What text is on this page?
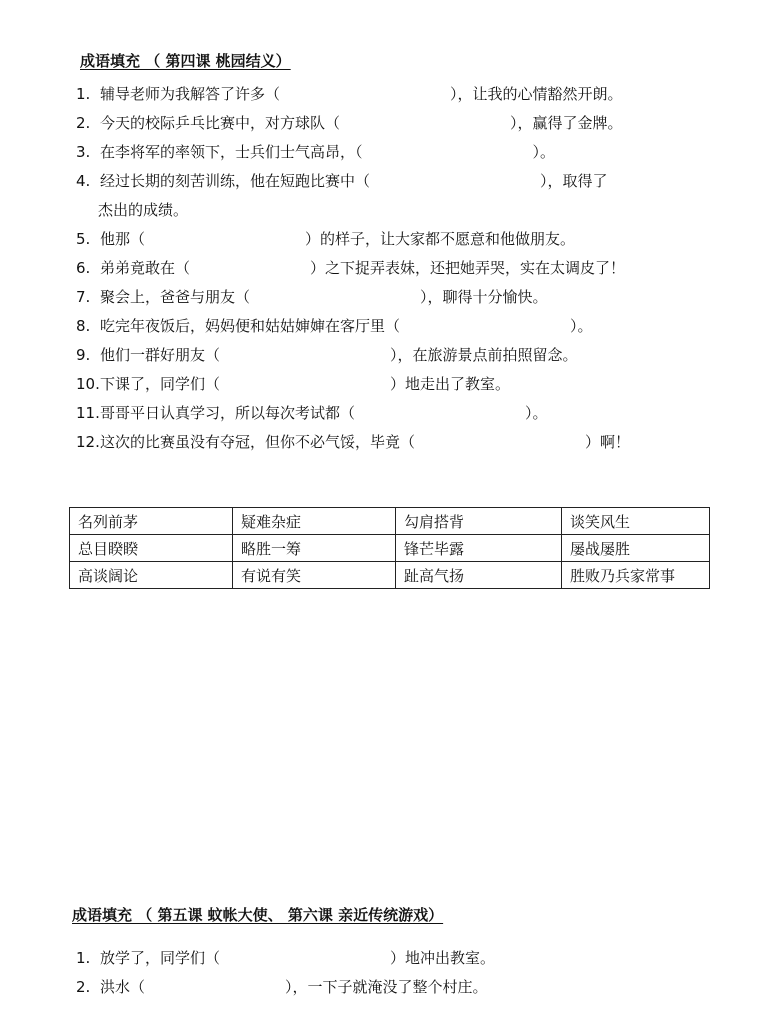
成语填充 （ 第四课 桃园结义）
1. 辅导老师为我解答了许多（	），让我的心情豁然开朗。
2. 今天的校际乒乓比赛中，对方球队（	），赢得了金牌。
3. 在李将军的率领下，士兵们士气高昂，（	）。
4. 经过长期的刻苦训练，他在短跑比赛中（	），取得了
杰出的成绩。
5. 他那（	）的样子，让大家都不愿意和他做朋友。
6. 弟弟竟敢在（	）之下捉弄表妹，还把她弄哭，实在太调皮了！
7. 聚会上，爸爸与朋友（	），聊得十分愉快。
8. 吃完年夜饭后，妈妈便和姑姑婶婶在客厅里（	）。
9. 他们一群好朋友（	），在旅游景点前拍照留念。
10.下课了，同学们（	）地走出了教室。
11.哥哥平日认真学习，所以每次考试都（	）。
12.这次的比赛虽没有夺冠，但你不必气馁，毕竟（	）啊！
名列前茅	疑难杂症	勾肩搭背	谈笑风生
总目睽睽	略胜一筹	锋芒毕露	屡战屡胜
高谈阔论	有说有笑	趾高气扬	胜败乃兵家常事
成语填充 （ 第五课 蚊帐大使、 第六课 亲近传统游戏）
1. 放学了，同学们（	）地冲出教室。
2. 洪水（	），一下子就淹没了整个村庄。
